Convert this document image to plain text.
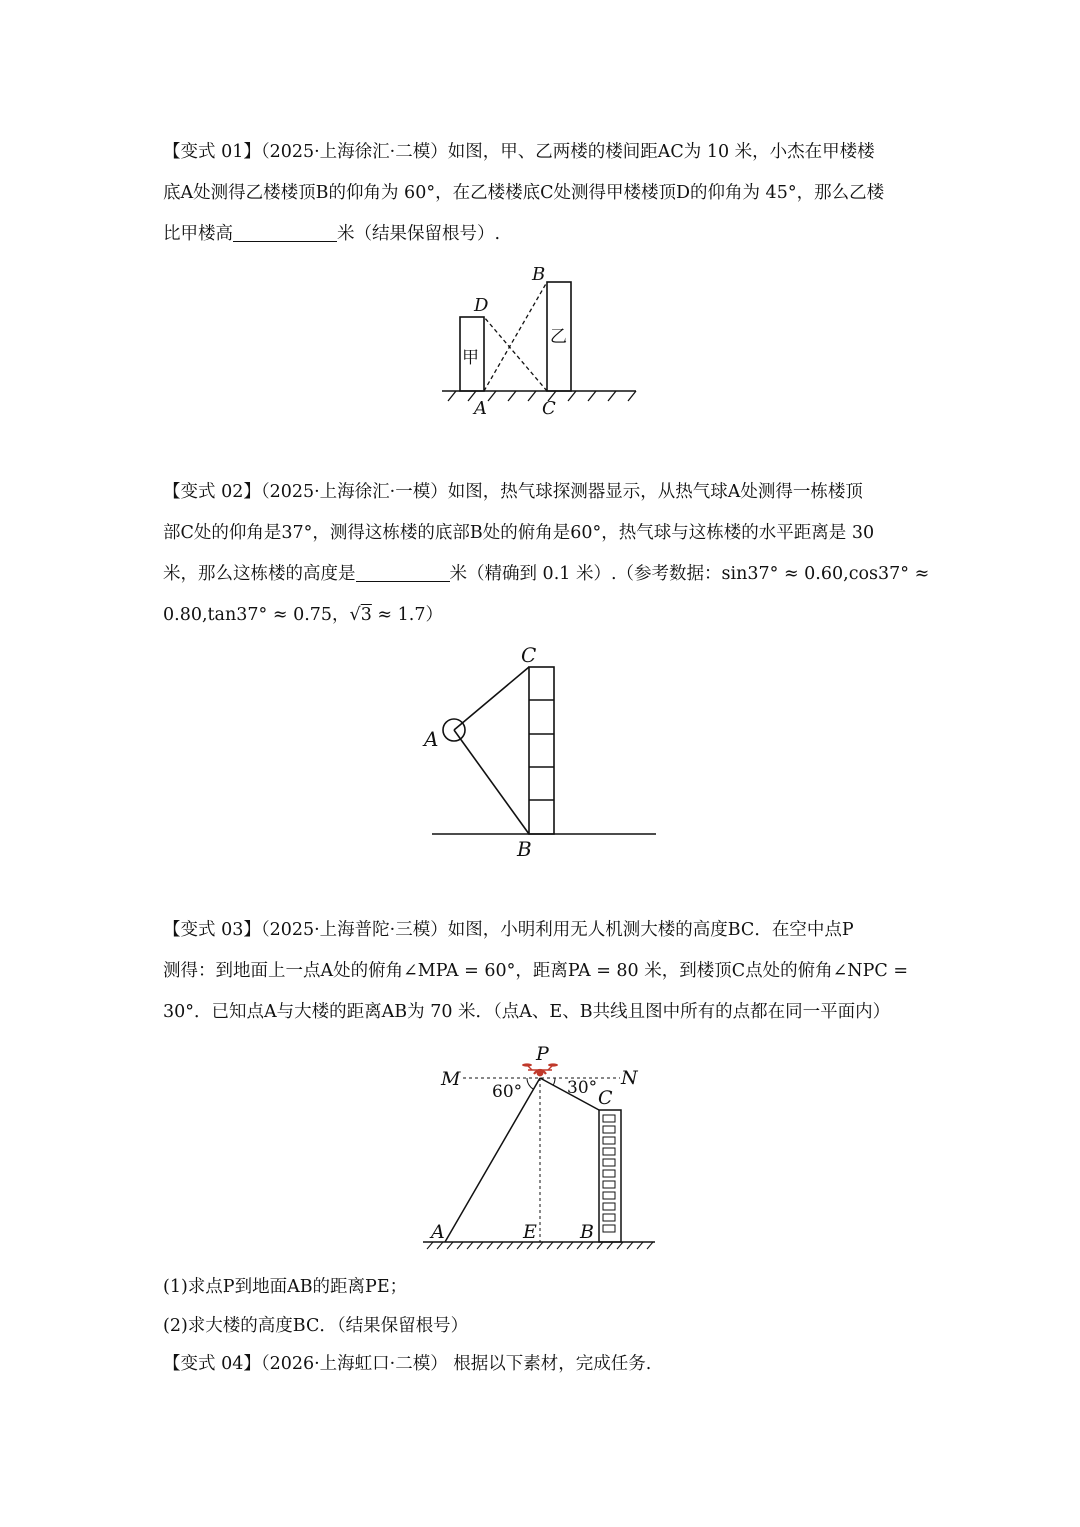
【变式 01】（2025·上海徐汇·二模）如图，甲、乙两楼的楼间距AC为 10 米，小杰在甲楼楼
底A处测得乙楼楼顶B的仰角为 60°，在乙楼楼底C处测得甲楼楼顶D的仰角为 45°，那么乙楼
比甲楼高	米（结果保留根号）.
B
D
A	C
甲
乙
【变式 02】（2025·上海徐汇·一模）如图，热气球探测器显示，从热气球A处测得一栋楼顶
部C处的仰角是37°，测得这栋楼的底部B处的俯角是60°，热气球与这栋楼的水平距离是 30
米，那么这栋楼的高度是	米（精确到 0.1 米）.（参考数据：sin37° ≈ 0.60,cos37° ≈
0.80,tan37° ≈ 0.75，√3 ≈ 1.7）
C
A
B
【变式 03】（2025·上海普陀·三模）如图，小明利用无人机测大楼的高度BC．在空中点P
测得：到地面上一点A处的俯角∠MPA = 60°，距离PA = 80 米，到楼顶C点处的俯角∠NPC =
30°．已知点A与大楼的距离AB为 70 米．（点A、E、B共线且图中所有的点都在同一平面内）
P
M	N
C
A	E B
60°	30°
(1)求点P到地面AB的距离PE；
(2)求大楼的高度BC．（结果保留根号）
【变式 04】（2026·上海虹口·二模） 根据以下素材，完成任务.
